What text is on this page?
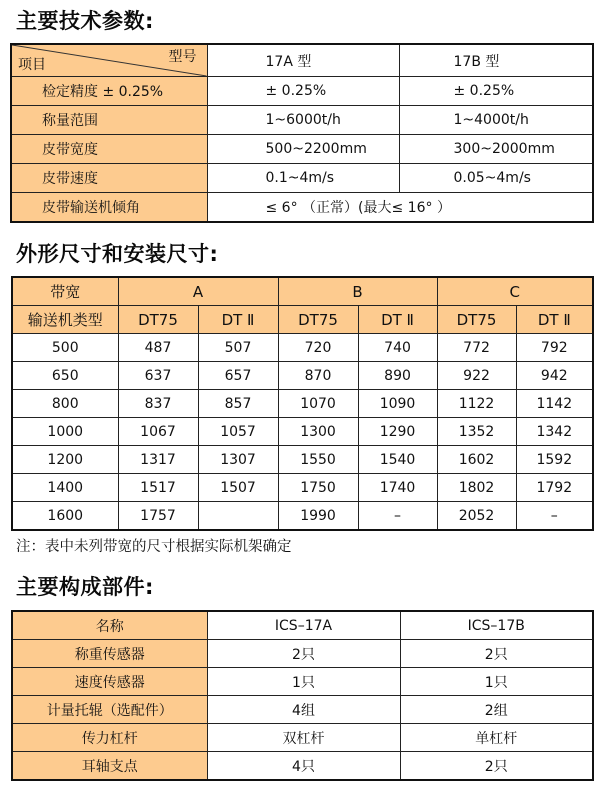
主要技术参数:
型号
项目	17A 型	17B 型
检定精度 ± 0.25%	± 0.25%	± 0.25%
称量范围	1~6000t/h	1~4000t/h
皮带宽度	500~2200mm	300~2000mm
皮带速度	0.1~4m/s	0.05~4m/s
皮带输送机倾角	≤ 6° （正常）(最大≤ 16° ）	
外形尺寸和安装尺寸:
带宽	A		B		C	
输送机类型	DT75	DT Ⅱ	DT75	DT Ⅱ	DT75	DT Ⅱ
500	487	507	720	740	772	792
650	637	657	870	890	922	942
800	837	857	1070	1090	1122	1142
1000	1067	1057	1300	1290	1352	1342
1200	1317	1307	1550	1540	1602	1592
1400	1517	1507	1750	1740	1802	1792
1600	1757		1990	–	2052	–
注：表中未列带宽的尺寸根据实际机架确定
主要构成部件:
名称	ICS–17A	ICS–17B
称重传感器	2只	2只
速度传感器	1只	1只
计量托辊（选配件）	4组	2组
传力杠杆	双杠杆	单杠杆
耳轴支点	4只	2只
